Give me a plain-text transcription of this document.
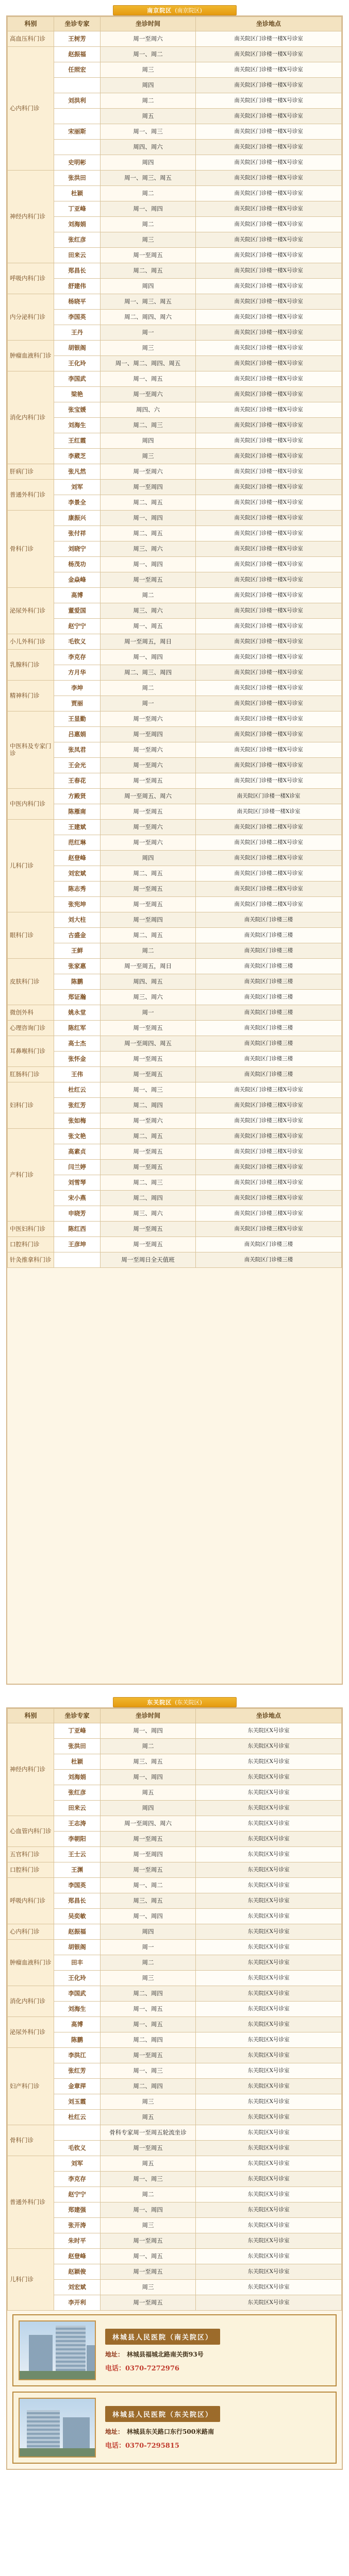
南京院区 (南京院区)
科别	坐诊专家	坐诊时间	坐诊地点
高血压科门诊	王树芳	周一至周六	南关院区门诊楼一楼X号诊室
心内科门诊	赵振福	周一、周二	南关院区门诊楼一楼X号诊室
	任照宏	周三	南关院区门诊楼一楼X号诊室
		周四	南关院区门诊楼一楼X号诊室
	刘洪利	周二	南关院区门诊楼一楼X号诊室
		周五	南关院区门诊楼一楼X号诊室
	宋丽斯	周一、周三	南关院区门诊楼一楼X号诊室
		周四、周六	南关院区门诊楼一楼X号诊室
	史明彬	周四	南关院区门诊楼一楼X号诊室
神经内科门诊	张洪田	周一、周三、周五	南关院区门诊楼一楼X号诊室
	杜颖	周二	南关院区门诊楼一楼X号诊室
	丁亚峰	周一、周四	南关院区门诊楼一楼X号诊室
	刘海娟	周二	南关院区门诊楼一楼X号诊室
	张红彦	周三	南关院区门诊楼一楼X号诊室
	田来云	周一至周五	南关院区门诊楼一楼X号诊室
呼吸内科门诊	郑昌长	周二、周五	南关院区门诊楼一楼X号诊室
	舒建伟	周四	南关院区门诊楼一楼X号诊室
内分泌科门诊	杨晓平	周一、周三、周五	南关院区门诊楼一楼X号诊室
	李国英	周二、周四、周六	南关院区门诊楼一楼X号诊室
	王丹	周一	南关院区门诊楼一楼X号诊室
肿瘤血液科门诊	胡银阁	周三	南关院区门诊楼一楼X号诊室
	王化玲	周一、周二、周四、周五	南关院区门诊楼一楼X号诊室
消化内科门诊	李国武	周一、周五	南关院区门诊楼一楼X号诊室
	梁艳	周一至周六	南关院区门诊楼一楼X号诊室
	张宝媛	周四、六	南关院区门诊楼一楼X号诊室
	刘海生	周二、周三	南关院区门诊楼一楼X号诊室
	王红霞	周四	南关院区门诊楼一楼X号诊室
	李葳芝	周三	南关院区门诊楼一楼X号诊室
肝病门诊	张凡然	周一至周六	南关院区门诊楼一楼X号诊室
普通外科门诊	刘军	周一至周四	南关院区门诊楼一楼X号诊室
	李景全	周二、周五	南关院区门诊楼一楼X号诊室
骨科门诊	康振兴	周一、周四	南关院区门诊楼一楼X号诊室
	张付祥	周二、周五	南关院区门诊楼一楼X号诊室
	刘晓宁	周三、周六	南关院区门诊楼一楼X号诊室
	杨茂功	周一、周四	南关院区门诊楼一楼X号诊室
	金焱峰	周一至周五	南关院区门诊楼一楼X号诊室
泌尿外科门诊	高博	周二	南关院区门诊楼一楼X号诊室
	董爱国	周三、周六	南关院区门诊楼一楼X号诊室
	赵宁宁	周一、周五	南关院区门诊楼一楼X号诊室
小儿外科门诊	毛钦义	周一至周五，周日	南关院区门诊楼一楼X号诊室
乳腺科门诊	李克存	周一、周四	南关院区门诊楼一楼X号诊室
	方月华	周二、周三、周四	南关院区门诊楼一楼X号诊室
精神科门诊	李坤	周二	南关院区门诊楼一楼X号诊室
	贾丽	周一	南关院区门诊楼一楼X号诊室
中医科及专家门诊	王显勤	周一至周六	南关院区门诊楼一楼X号诊室
	吕惠娟	周一至周四	南关院区门诊楼一楼X号诊室
	张凤君	周一至周六	南关院区门诊楼一楼X号诊室
	王会光	周一至周六	南关院区门诊楼一楼X号诊室
	王春花	周一至周五	南关院区门诊楼一楼X号诊室
中医内科门诊	方殿贤	周一至周五、周六	南关院区门诊楼一楼X诊室
	陈雁南	周一至周五	南关院区门诊楼一楼X诊室
儿科门诊	王建斌	周一至周六	南关院区门诊楼二楼X号诊室
	范红琳	周一至周六	南关院区门诊楼二楼X号诊室
	赵登峰	周四	南关院区门诊楼二楼X号诊室
	刘宏斌	周二、周五	南关院区门诊楼二楼X号诊室
	陈志秀	周一至周五	南关院区门诊楼二楼X号诊室
	张宪坤	周一至周五	南关院区门诊楼二楼X号诊室
眼科门诊	刘大柱	周一至周四	南关院区门诊楼三楼
	古盛金	周二、周五	南关院区门诊楼三楼
	王鲜	周二	南关院区门诊楼三楼
皮肤科门诊	张家惠	周一至周五，周日	南关院区门诊楼三楼
	陈鹏	周四、周五	南关院区门诊楼三楼
	郑证瀚	周三、周六	南关院区门诊楼三楼
微创外科	姚永堂	周一	南关院区门诊楼三楼
心理咨询门诊	陈红军	周一至周五	南关院区门诊楼三楼
耳鼻喉科门诊	高士杰	周一至周四、周五	南关院区门诊楼三楼
	张怀金	周一至周五	南关院区门诊楼三楼
肛肠科门诊	王伟	周一至周五	南关院区门诊楼三楼
妇科门诊	杜红云	周一、周三	南关院区门诊楼三楼X号诊室
	张红芳	周二、周四	南关院区门诊楼三楼X号诊室
	张如梅	周一至周六	南关院区门诊楼三楼X号诊室
产科门诊	张文艳	周二、周五	南关院区门诊楼三楼X号诊室
	高素贞	周一至周五	南关院区门诊楼三楼X号诊室
	闫兰婷	周一至周五	南关院区门诊楼三楼X号诊室
	刘雪琴	周二、周三	南关院区门诊楼三楼X号诊室
	宋小燕	周二、周四	南关院区门诊楼三楼X号诊室
	申晓芳	周三、周六	南关院区门诊楼三楼X号诊室
中医妇科门诊	陈红西	周一至周五	南关院区门诊楼三楼X号诊室
口腔科门诊	王彦坤	周一至周五	南关院区门诊楼三楼
针灸推拿科门诊		周一至周日全天值班	南关院区门诊楼三楼
东关院区 (东关院区)
科别	坐诊专家	坐诊时间	坐诊地点
神经内科门诊	丁亚峰	周一、周四	东关院区X号诊室
	张洪田	周二	东关院区X号诊室
	杜颖	周三、周五	东关院区X号诊室
	刘海娟	周一、周四	东关院区X号诊室
	张红彦	周五	东关院区X号诊室
	田来云	周四	东关院区X号诊室
心血管内科门诊	王志涛	周一至周四、周六	东关院区X号诊室
	李朝阳	周一至周五	东关院区X号诊室
五官科门诊	王士云	周一至周四	东关院区X号诊室
口腔科门诊	王渊	周一至周五	东关院区X号诊室
呼吸内科门诊	李国英	周一、周二	东关院区X号诊室
	郑昌长	周三、周五	东关院区X号诊室
	吴奕敏	周一、周四	东关院区X号诊室
心内科门诊	赵振福	周四	东关院区X号诊室
肿瘤血液科门诊	胡银阁	周一	东关院区X号诊室
	田丰	周二	东关院区X号诊室
	王化玲	周三	东关院区X号诊室
消化内科门诊	李国武	周二、周四	东关院区X号诊室
	刘海生	周一、周五	东关院区X号诊室
泌尿外科门诊	高博	周一、周五	东关院区X号诊室
	陈鹏	周二、周四	东关院区X号诊室
妇产科门诊	李洪江	周一至周五	东关院区X号诊室
	张红芳	周一、周三	东关院区X号诊室
	金章萍	周二、周四	东关院区X号诊室
	刘玉霞	周三	东关院区X号诊室
	杜红云	周五	东关院区X号诊室
骨科门诊		骨科专家周一至周五轮流坐诊	东关院区X号诊室
	毛钦义	周一至周五	东关院区X号诊室
普通外科门诊	刘军	周五	东关院区X号诊室
	李克存	周一、周三	东关院区X号诊室
	赵宁宁	周二	东关院区X号诊室
	郑建强	周一、周四	东关院区X号诊室
	张开涛	周三	东关院区X号诊室
	朱时平	周一至周五	东关院区X号诊室
儿科门诊	赵登峰	周一、周五	东关院区X号诊室
	赵颖俊	周一至周五	东关院区X号诊室
	刘宏斌	周三	东关院区X号诊室
	李开利	周一至周五	东关院区X号诊室
林城县人民医院（南关院区）
地址： 林城县福城北路南关街93号
电话：0370-7272976
林城县人民医院（东关院区）
地址： 林城县东关路口东行500米路南
电话：0370-7295815
